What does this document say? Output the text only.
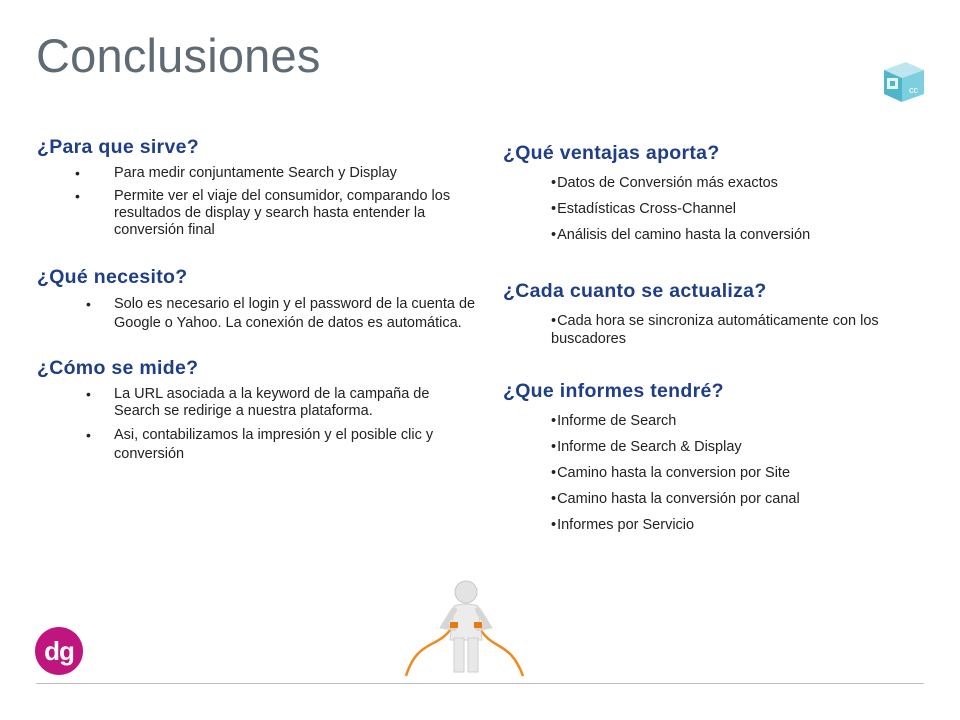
Conclusiones
cc

¿Para que sirve?

• Para medir conjuntamente Search y Display
• Permite ver el viaje del consumidor, comparando los resultados de display y search hasta entender la conversión final

¿Qué necesito?

• Solo es necesario el login y el password de la cuenta de Google o Yahoo. La conexión de datos es automática.

¿Cómo se mide?

• La URL asociada a la keyword de la campaña de Search se redirige a nuestra plataforma.
• Asi, contabilizamos la impresión y el posible clic y conversión

¿Qué ventajas aporta?

•Datos de Conversión más exactos
•Estadísticas Cross-Channel
•Análisis del camino hasta la conversión

¿Cada cuanto se actualiza?

•Cada hora se sincroniza automáticamente con los buscadores

¿Que informes tendré?

•Informe de Search
•Informe de Search & Display
•Camino hasta la conversion por Site
•Camino hasta la conversión por canal
•Informes por Servicio
dg
